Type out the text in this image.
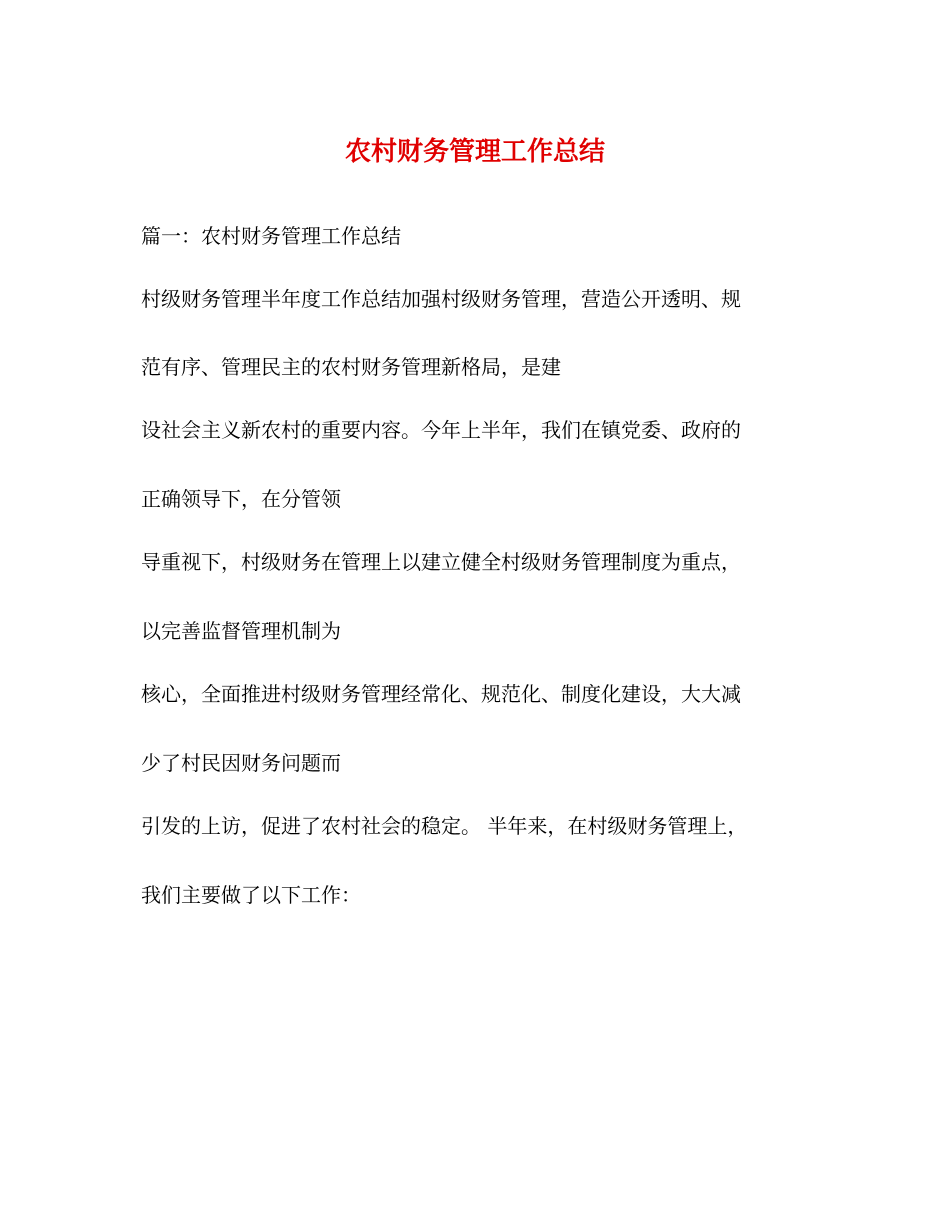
农村财务管理工作总结
篇一：农村财务管理工作总结
村级财务管理半年度工作总结加强村级财务管理，营造公开透明、规
范有序、管理民主的农村财务管理新格局，是建
设社会主义新农村的重要内容。今年上半年，我们在镇党委、政府的
正确领导下，在分管领
导重视下，村级财务在管理上以建立健全村级财务管理制度为重点，
以完善监督管理机制为
核心，全面推进村级财务管理经常化、规范化、制度化建设，大大减
少了村民因财务问题而
引发的上访，促进了农村社会的稳定。 半年来，在村级财务管理上，
我们主要做了以下工作：
